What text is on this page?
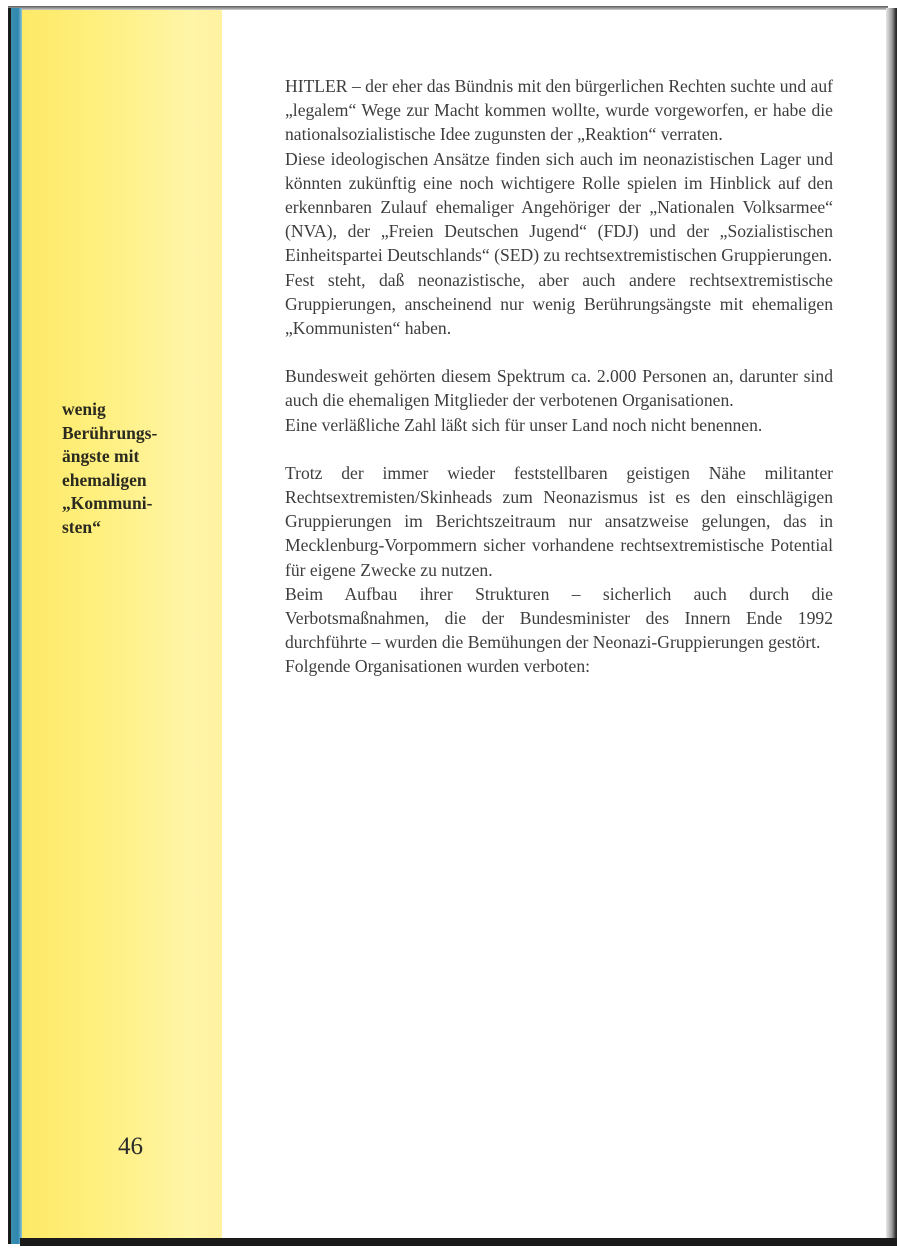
wenig
Berührungs-
ängste mit
ehemaligen
„Kommuni-
sten“

46

HITLER – der eher das Bündnis mit den bürgerlichen Rechten suchte und auf „legalem“ Wege zur Macht kommen wollte, wurde vorgeworfen, er habe die nationalsozialistische Idee zugunsten der „Reaktion“ verraten.

Diese ideologischen Ansätze finden sich auch im neonazistischen Lager und könnten zukünftig eine noch wichtigere Rolle spielen im Hinblick auf den erkennbaren Zulauf ehemaliger Angehöriger der „Nationalen Volksarmee“ (NVA), der „Freien Deutschen Jugend“ (FDJ) und der „Sozialistischen Einheitspartei Deutschlands“ (SED) zu rechtsextremistischen Gruppierungen.

Fest steht, daß neonazistische, aber auch andere rechtsextremistische Gruppierungen, anscheinend nur wenig Berührungsängste mit ehemaligen „Kommunisten“ haben.

Bundesweit gehörten diesem Spektrum ca. 2.000 Personen an, darunter sind auch die ehemaligen Mitglieder der verbotenen Organisationen.

Eine verläßliche Zahl läßt sich für unser Land noch nicht benennen.

Trotz der immer wieder feststellbaren geistigen Nähe militanter Rechtsextremisten/Skinheads zum Neonazismus ist es den einschlägigen Gruppierungen im Berichtszeitraum nur ansatzweise gelungen, das in Mecklenburg-Vorpommern sicher vorhandene rechtsextremistische Potential für eigene Zwecke zu nutzen.

Beim Aufbau ihrer Strukturen – sicherlich auch durch die Verbotsmaßnahmen, die der Bundesminister des Innern Ende 1992 durchführte – wurden die Bemühungen der Neonazi-Gruppierungen gestört.

Folgende Organisationen wurden verboten:
